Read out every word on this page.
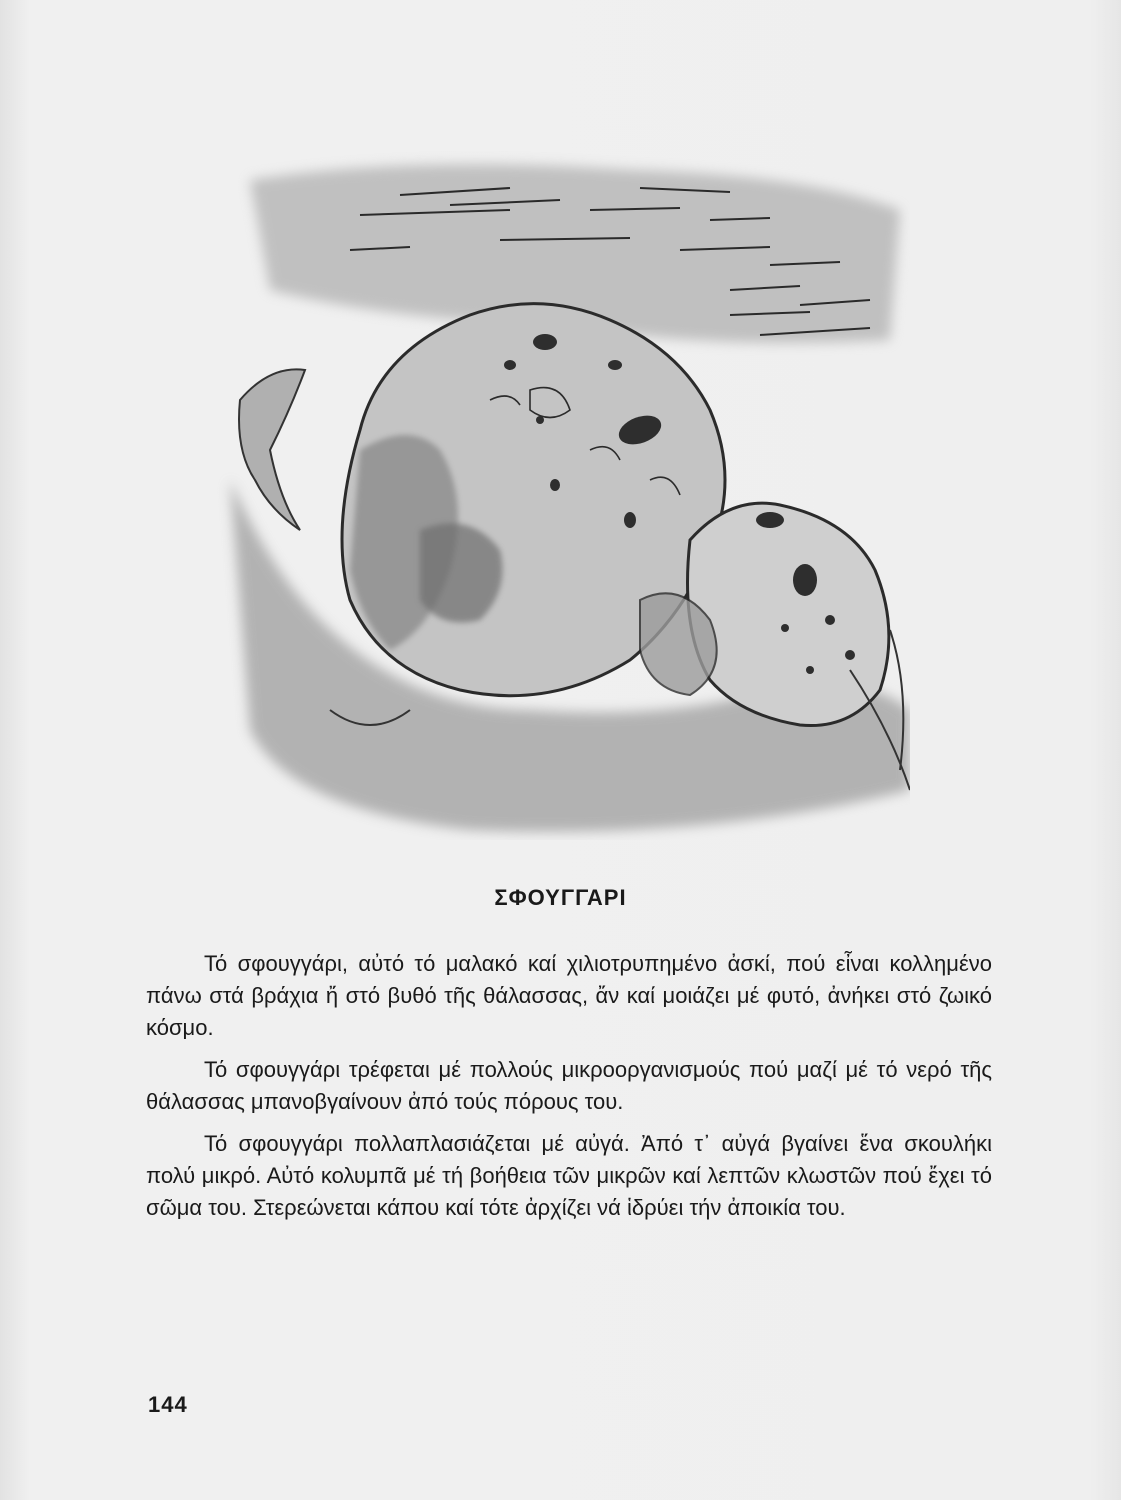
ΣΦΟΥΓΓΑΡΙ

Τό σφουγγάρι, αὐτό τό μαλακό καί χιλιοτρυπημένο ἀσκί, πού εἶναι κολλημένο πάνω στά βράχια ἤ στό βυθό τῆς θάλασσας, ἄν καί μοιάζει μέ φυτό, ἀνήκει στό ζωικό κόσμο.

Τό σφουγγάρι τρέφεται μέ πολλούς μικροοργανισμούς πού μαζί μέ τό νερό τῆς θάλασσας μπανοβγαίνουν ἀπό τούς πόρους του.

Τό σφουγγάρι πολλαπλασιάζεται μέ αὐγά. Ἀπό τ᾽ αὐγά βγαίνει ἕνα σκουλήκι πολύ μικρό. Αὐτό κολυμπᾶ μέ τή βοήθεια τῶν μικρῶν καί λεπτῶν κλωστῶν πού ἔχει τό σῶμα του. Στερεώνεται κάπου καί τότε ἀρχίζει νά ἱδρύει τήν ἀποικία του.

144
